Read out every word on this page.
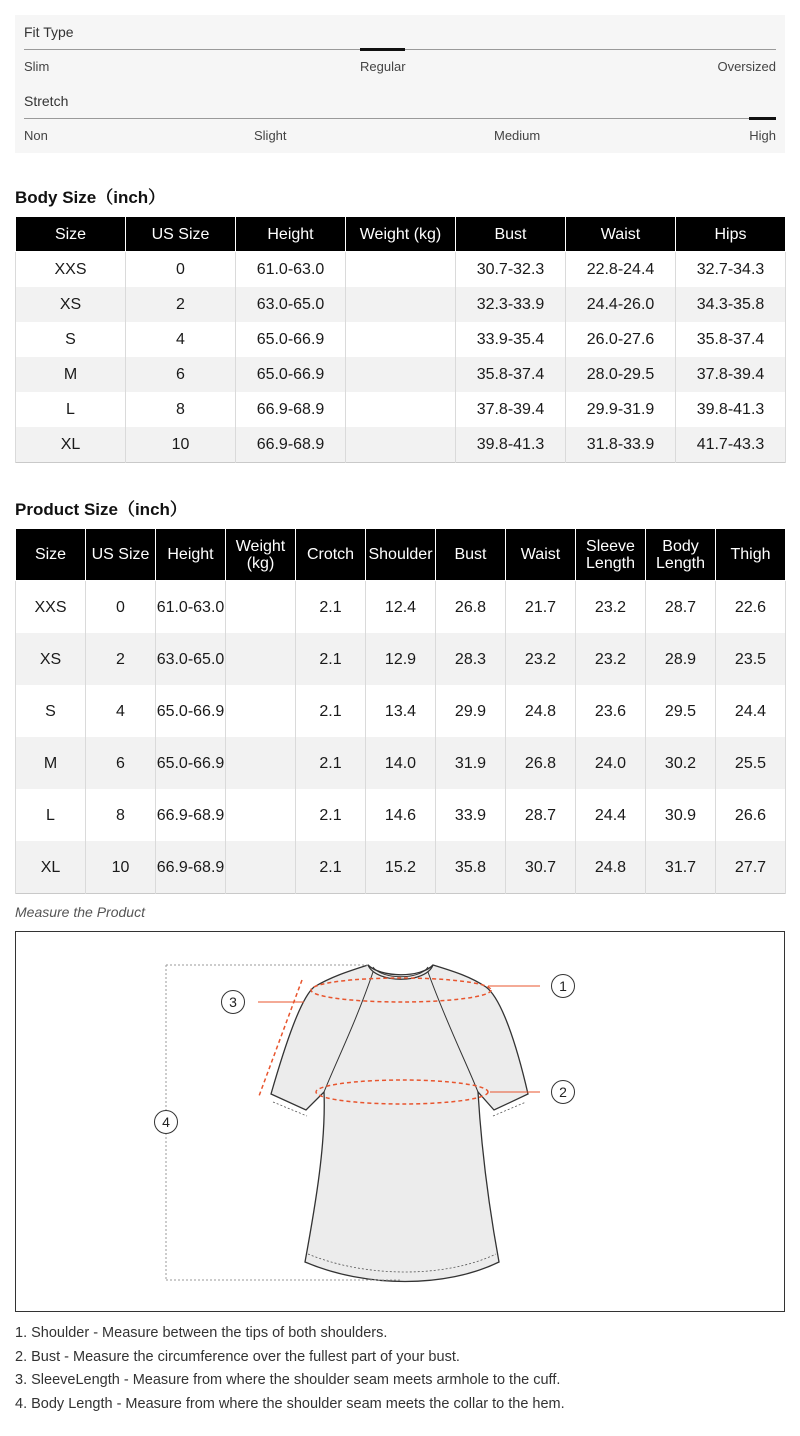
Fit Type
Slim	Regular	Oversized
Stretch
Non	Slight	Medium	High
Body Size（inch）
Size	US Size	Height	Weight (kg)	Bust	Waist	Hips
XXS	0	61.0-63.0		30.7-32.3	22.8-24.4	32.7-34.3
XS	2	63.0-65.0		32.3-33.9	24.4-26.0	34.3-35.8
S	4	65.0-66.9		33.9-35.4	26.0-27.6	35.8-37.4
M	6	65.0-66.9		35.8-37.4	28.0-29.5	37.8-39.4
L	8	66.9-68.9		37.8-39.4	29.9-31.9	39.8-41.3
XL	10	66.9-68.9		39.8-41.3	31.8-33.9	41.7-43.3
Product Size（inch）
Size	US Size	Height	Weight (kg)	Crotch	Shoulder	Bust	Waist	Sleeve Length	Body Length	Thigh
XXS	0	61.0-63.0		2.1	12.4	26.8	21.7	23.2	28.7	22.6
XS	2	63.0-65.0		2.1	12.9	28.3	23.2	23.2	28.9	23.5
S	4	65.0-66.9		2.1	13.4	29.9	24.8	23.6	29.5	24.4
M	6	65.0-66.9		2.1	14.0	31.9	26.8	24.0	30.2	25.5
L	8	66.9-68.9		2.1	14.6	33.9	28.7	24.4	30.9	26.6
XL	10	66.9-68.9		2.1	15.2	35.8	30.7	24.8	31.7	27.7
Measure the Product
1
2
3
4
1. Shoulder - Measure between the tips of both shoulders.
2. Bust - Measure the circumference over the fullest part of your bust.
3. SleeveLength - Measure from where the shoulder seam meets armhole to the cuff.
4. Body Length - Measure from where the shoulder seam meets the collar to the hem.
